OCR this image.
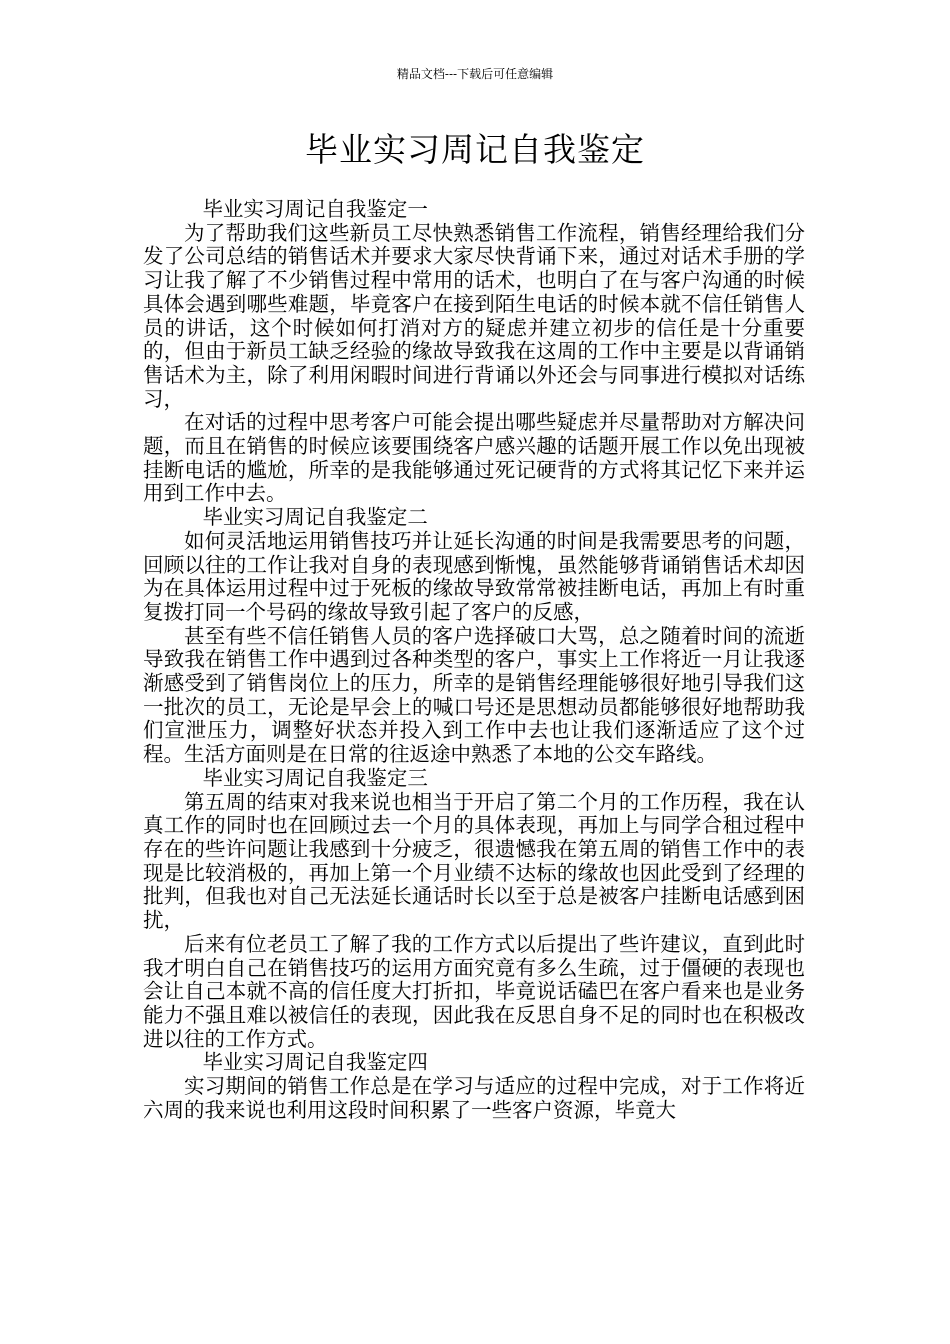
精品文档---下载后可任意编辑
毕业实习周记自我鉴定

毕业实习周记自我鉴定一

为了帮助我们这些新员工尽快熟悉销售工作流程，销售经理给我们分发了公司总结的销售话术并要求大家尽快背诵下来，通过对话术手册的学习让我了解了不少销售过程中常用的话术，也明白了在与客户沟通的时候具体会遇到哪些难题，毕竟客户在接到陌生电话的时候本就不信任销售人员的讲话，这个时候如何打消对方的疑虑并建立初步的信任是十分重要的，但由于新员工缺乏经验的缘故导致我在这周的工作中主要是以背诵销售话术为主，除了利用闲暇时间进行背诵以外还会与同事进行模拟对话练习，

在对话的过程中思考客户可能会提出哪些疑虑并尽量帮助对方解决问题，而且在销售的时候应该要围绕客户感兴趣的话题开展工作以免出现被挂断电话的尴尬，所幸的是我能够通过死记硬背的方式将其记忆下来并运用到工作中去。

毕业实习周记自我鉴定二

如何灵活地运用销售技巧并让延长沟通的时间是我需要思考的问题，回顾以往的工作让我对自身的表现感到惭愧，虽然能够背诵销售话术却因为在具体运用过程中过于死板的缘故导致常常被挂断电话，再加上有时重复拨打同一个号码的缘故导致引起了客户的反感，

甚至有些不信任销售人员的客户选择破口大骂，总之随着时间的流逝导致我在销售工作中遇到过各种类型的客户，事实上工作将近一月让我逐渐感受到了销售岗位上的压力，所幸的是销售经理能够很好地引导我们这一批次的员工，无论是早会上的喊口号还是思想动员都能够很好地帮助我们宣泄压力，调整好状态并投入到工作中去也让我们逐渐适应了这个过程。生活方面则是在日常的往返途中熟悉了本地的公交车路线。

毕业实习周记自我鉴定三

第五周的结束对我来说也相当于开启了第二个月的工作历程，我在认真工作的同时也在回顾过去一个月的具体表现，再加上与同学合租过程中存在的些许问题让我感到十分疲乏，很遗憾我在第五周的销售工作中的表现是比较消极的，再加上第一个月业绩不达标的缘故也因此受到了经理的批判，但我也对自己无法延长通话时长以至于总是被客户挂断电话感到困扰，

后来有位老员工了解了我的工作方式以后提出了些许建议，直到此时我才明白自己在销售技巧的运用方面究竟有多么生疏，过于僵硬的表现也会让自己本就不高的信任度大打折扣，毕竟说话磕巴在客户看来也是业务能力不强且难以被信任的表现，因此我在反思自身不足的同时也在积极改进以往的工作方式。

毕业实习周记自我鉴定四

实习期间的销售工作总是在学习与适应的过程中完成，对于工作将近六周的我来说也利用这段时间积累了一些客户资源，毕竟大
